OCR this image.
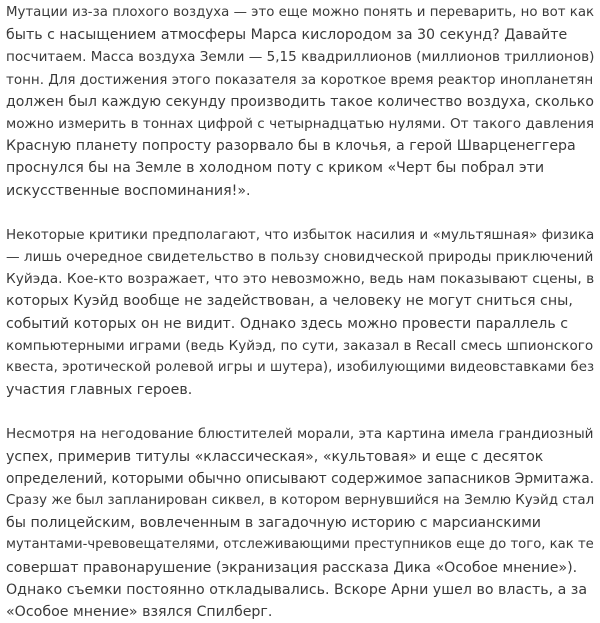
Мутации из-за плохого воздуха — это еще можно понять и переварить, но вот как
быть с насыщением атмосферы Марса кислородом за 30 секунд? Давайте
посчитаем. Масса воздуха Земли — 5,15 квадриллионов (миллионов триллионов)
тонн. Для достижения этого показателя за короткое время реактор инопланетян
должен был каждую секунду производить такое количество воздуха, сколько
можно измерить в тоннах цифрой с четырнадцатью нулями. От такого давления
Красную планету попросту разорвало бы в клочья, а герой Шварценеггера
проснулся бы на Земле в холодном поту с криком «Черт бы побрал эти
искусственные воспоминания!».

Некоторые критики предполагают, что избыток насилия и «мультяшная» физика
— лишь очередное свидетельство в пользу сновидческой природы приключений
Куйэда. Кое-кто возражает, что это невозможно, ведь нам показывают сцены, в
которых Куэйд вообще не задействован, а человеку не могут сниться сны,
событий которых он не видит. Однако здесь можно провести параллель с
компьютерными играми (ведь Куйэд, по сути, заказал в Recall смесь шпионского
квеста, эротической ролевой игры и шутера), изобилующими видеовставками без
участия главных героев.

Несмотря на негодование блюстителей морали, эта картина имела грандиозный
успех, примерив титулы «классическая», «культовая» и еще с десяток
определений, которыми обычно описывают содержимое запасников Эрмитажа.
Сразу же был запланирован сиквел, в котором вернувшийся на Землю Куэйд стал
бы полицейским, вовлеченным в загадочную историю с марсианскими
мутантами-чревовещателями, отслеживающими преступников еще до того, как те
совершат правонарушение (экранизация рассказа Дика «Особое мнение»).
Однако съемки постоянно откладывались. Вскоре Арни ушел во власть, а за
«Особое мнение» взялся Спилберг.
